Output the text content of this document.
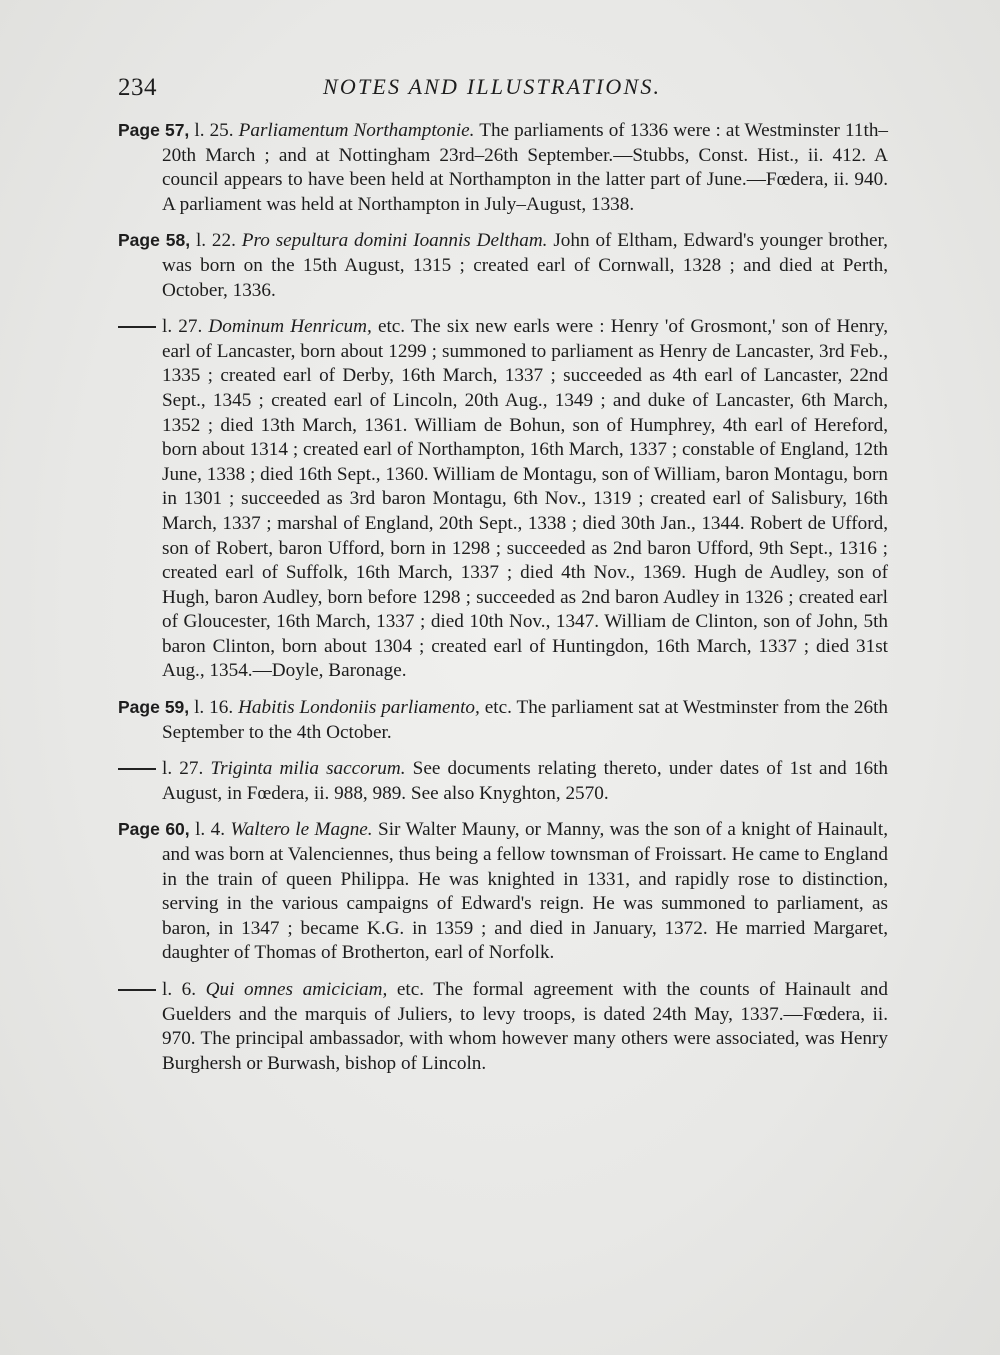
234	NOTES AND ILLUSTRATIONS.

Page 57, l. 25. Parliamentum Northamptonie. The parliaments of 1336 were : at Westminster 11th–20th March ; and at Nottingham 23rd–26th September.—Stubbs, Const. Hist., ii. 412. A council appears to have been held at Northampton in the latter part of June.—Fœdera, ii. 940. A parliament was held at Northampton in July–August, 1338.

Page 58, l. 22. Pro sepultura domini Ioannis Deltham. John of Eltham, Edward's younger brother, was born on the 15th August, 1315 ; created earl of Cornwall, 1328 ; and died at Perth, October, 1336.

l. 27. Dominum Henricum, etc. The six new earls were : Henry 'of Grosmont,' son of Henry, earl of Lancaster, born about 1299 ; summoned to parliament as Henry de Lancaster, 3rd Feb., 1335 ; created earl of Derby, 16th March, 1337 ; succeeded as 4th earl of Lancaster, 22nd Sept., 1345 ; created earl of Lincoln, 20th Aug., 1349 ; and duke of Lancaster, 6th March, 1352 ; died 13th March, 1361. William de Bohun, son of Humphrey, 4th earl of Hereford, born about 1314 ; created earl of Northampton, 16th March, 1337 ; constable of England, 12th June, 1338 ; died 16th Sept., 1360. William de Montagu, son of William, baron Montagu, born in 1301 ; succeeded as 3rd baron Montagu, 6th Nov., 1319 ; created earl of Salisbury, 16th March, 1337 ; marshal of England, 20th Sept., 1338 ; died 30th Jan., 1344. Robert de Ufford, son of Robert, baron Ufford, born in 1298 ; succeeded as 2nd baron Ufford, 9th Sept., 1316 ; created earl of Suffolk, 16th March, 1337 ; died 4th Nov., 1369. Hugh de Audley, son of Hugh, baron Audley, born before 1298 ; succeeded as 2nd baron Audley in 1326 ; created earl of Gloucester, 16th March, 1337 ; died 10th Nov., 1347. William de Clinton, son of John, 5th baron Clinton, born about 1304 ; created earl of Huntingdon, 16th March, 1337 ; died 31st Aug., 1354.—Doyle, Baronage.

Page 59, l. 16. Habitis Londoniis parliamento, etc. The parliament sat at Westminster from the 26th September to the 4th October.

l. 27. Triginta milia saccorum. See documents relating thereto, under dates of 1st and 16th August, in Fœdera, ii. 988, 989. See also Knyghton, 2570.

Page 60, l. 4. Waltero le Magne. Sir Walter Mauny, or Manny, was the son of a knight of Hainault, and was born at Valenciennes, thus being a fellow townsman of Froissart. He came to England in the train of queen Philippa. He was knighted in 1331, and rapidly rose to distinction, serving in the various campaigns of Edward's reign. He was summoned to parliament, as baron, in 1347 ; became K.G. in 1359 ; and died in January, 1372. He married Margaret, daughter of Thomas of Brotherton, earl of Norfolk.

l. 6. Qui omnes amiciciam, etc. The formal agreement with the counts of Hainault and Guelders and the marquis of Juliers, to levy troops, is dated 24th May, 1337.—Fœdera, ii. 970. The principal ambassador, with whom however many others were associated, was Henry Burghersh or Burwash, bishop of Lincoln.
